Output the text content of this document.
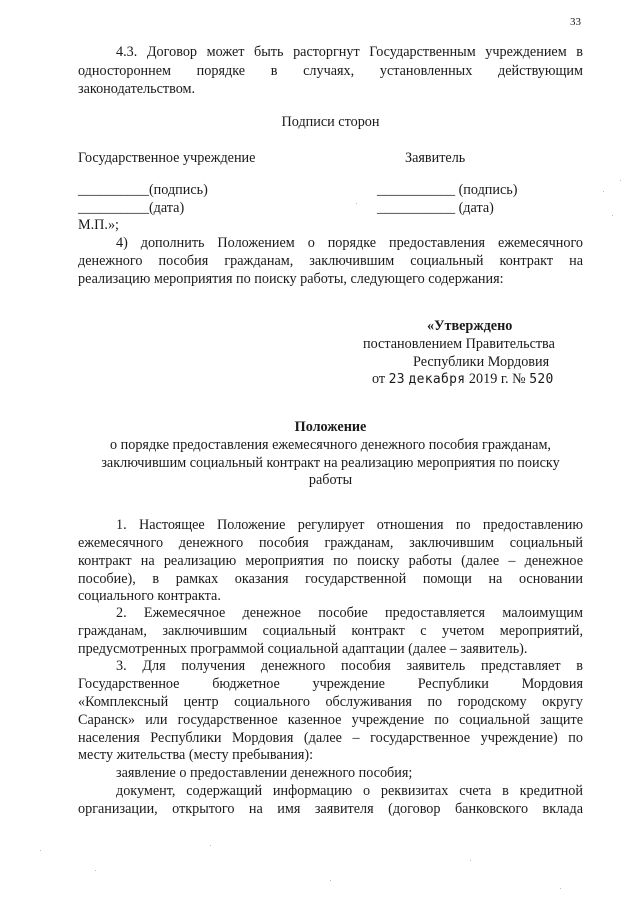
33
4.3. Договор может быть расторгнут Государственным учреждением в
одностороннем порядке в случаях, установленных действующим
законодательством.
Подписи сторон
Государственное учреждение	Заявитель
__________(подпись)
__________(дата)
___________ (подпись)
___________ (дата)
М.П.»;
4) дополнить Положением о порядке предоставления ежемесячного
денежного пособия гражданам, заключившим социальный контракт на
реализацию мероприятия по поиску работы, следующего содержания:
«Утверждено
постановлением Правительства
Республики Мордовия
от 23 декабря 2019 г. № 520
Положение
о порядке предоставления ежемесячного денежного пособия гражданам,
заключившим социальный контракт на реализацию мероприятия по поиску
работы
1. Настоящее Положение регулирует отношения по предоставлению
ежемесячного денежного пособия гражданам, заключившим социальный
контракт на реализацию мероприятия по поиску работы (далее – денежное
пособие), в рамках оказания государственной помощи на основании
социального контракта.
2. Ежемесячное денежное пособие предоставляется малоимущим
гражданам, заключившим социальный контракт с учетом мероприятий,
предусмотренных программой социальной адаптации (далее – заявитель).
3. Для получения денежного пособия заявитель представляет в
Государственное бюджетное учреждение Республики Мордовия
«Комплексный центр социального обслуживания по городскому округу
Саранск» или государственное казенное учреждение по социальной защите
населения Республики Мордовия (далее – государственное учреждение) по
месту жительства (месту пребывания):
заявление о предоставлении денежного пособия;
документ, содержащий информацию о реквизитах счета в кредитной
организации, открытого на имя заявителя (договор банковского вклада
